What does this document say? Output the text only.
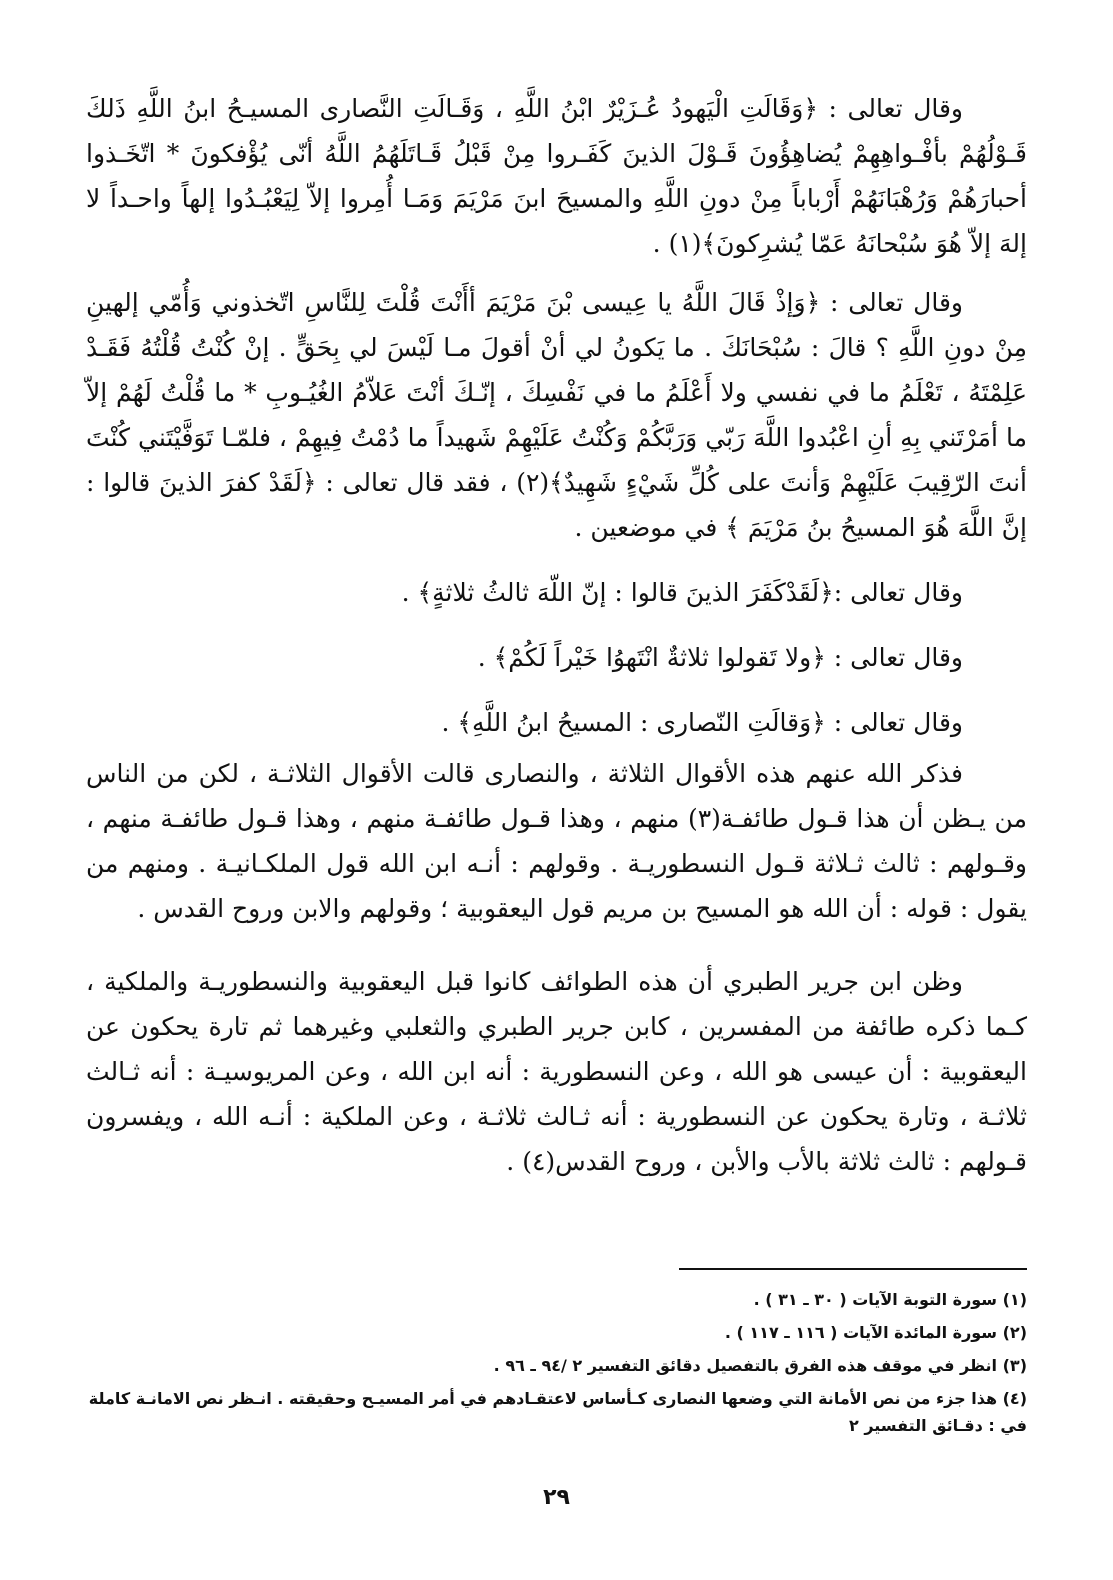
وقال تعالى : ﴿وَقَالَتِ الْيَهودُ عُـزَيْرٌ ابْنُ اللَّهِ ، وَقَـالَتِ النَّصارى المسيـحُ ابنُ اللَّهِ ذَلكَ قَـوْلُهُمْ بأفْـواهِهِمْ يُضاهِؤُونَ قَـوْلَ الذينَ كَفَـروا مِنْ قَبْلُ قَـاتَلَهُمُ اللَّهُ أنّى يُؤْفكونَ * اتّخَـذوا أحبارَهُمْ وَرُهْبَانَهُمْ أَرْباباً مِنْ دونِ اللَّهِ والمسيحَ ابنَ مَرْيَمَ وَمَـا أُمِروا إلاّ لِيَعْبُـدُوا إلهاً واحـداً لا إلهَ إلاّ هُوَ سُبْحانَهُ عَمّا يُشرِكونَ﴾(١) .

وقال تعالى : ﴿وَإذْ قَالَ اللَّهُ يا عِيسى بْنَ مَرْيَمَ أأَنْتَ قُلْتَ لِلنَّاسِ اتّخذوني وَأُمّي إلهينِ مِنْ دونِ اللَّهِ ؟ قالَ : سُبْحَانَكَ . ما يَكونُ لي أنْ أقولَ مـا لَيْسَ لي بِحَقٍّ . إنْ كُنْتُ قُلْتُهُ فَقَـدْ عَلِمْتَهُ ، تَعْلَمُ ما في نفسي ولا أَعْلَمُ ما في نَفْسِكَ ، إنّـكَ أنْتَ عَلاّمُ الغُيُـوبِ * ما قُلْتُ لَهُمْ إلاّ ما أمَرْتَني بِهِ أنِ اعْبُدوا اللَّهَ رَبّي وَرَبَّكُمْ وَكُنْتُ عَلَيْهِمْ شَهيداً ما دُمْتُ فِيهِمْ ، فلمّـا تَوَفَّيْتَني كُنْتَ أنتَ الرّقِيبَ عَلَيْهِمْ وَأنتَ على كُلِّ شَيْءٍ شَهِيدٌ﴾(٢) ، فقد قال تعالى : ﴿لَقَدْ كفرَ الذينَ قالوا : إنَّ اللَّهَ هُوَ المسيحُ بنُ مَرْيَمَ ﴾ في موضعين .

وقال تعالى :﴿لَقَدْكَفَرَ الذينَ قالوا : إنّ اللّهَ ثالثُ ثلاثةٍ﴾ .

وقال تعالى : ﴿ولا تَقولوا ثلاثةٌ انْتَهوُا خَيْراً لَكُمْ﴾ .

وقال تعالى : ﴿وَقالَتِ النّصارى : المسيحُ ابنُ اللَّهِ﴾ .

فذكر الله عنهم هذه الأقوال الثلاثة ، والنصارى قالت الأقوال الثلاثـة ، لكن من الناس من يـظن أن هذا قـول طائفـة(٣) منهم ، وهذا قـول طائفـة منهم ، وهذا قـول طائفـة منهم ، وقـولهم : ثالث ثـلاثة قـول النسطوريـة . وقولهم : أنـه ابن الله قول الملكـانيـة . ومنهم من يقول : قوله : أن الله هو المسيح بن مريم قول اليعقوبية ؛ وقولهم والابن وروح القدس .

وظن ابن جرير الطبري أن هذه الطوائف كانوا قبل اليعقوبية والنسطوريـة والملكية ، كـما ذكره طائفة من المفسرين ، كابن جرير الطبري والثعلبي وغيرهما ثم تارة يحكون عن اليعقوبية : أن عيسى هو الله ، وعن النسطورية : أنه ابن الله ، وعن المريوسيـة : أنه ثـالث ثلاثـة ، وتارة يحكون عن النسطورية : أنه ثـالث ثلاثـة ، وعن الملكية : أنـه الله ، ويفسرون قـولهم : ثالث ثلاثة بالأب والأبن ، وروح القدس(٤) .

(١) سورة التوبة الآيات ( ٣٠ ـ ٣١ ) .

(٢) سورة المائدة الآيات ( ١١٦ ـ ١١٧ ) .

(٣) انظر في موقف هذه الفرق بالتفصيل دقائق التفسير ٢ /٩٤ ـ ٩٦ .

(٤) هذا جزء من نص الأمانة التي وضعها النصارى كـأساس لاعتقـادهم في أمر المسيـح وحقيقته . انـظر نص الامانـة كاملة في : دقـائق التفسير ٢

٢٩
